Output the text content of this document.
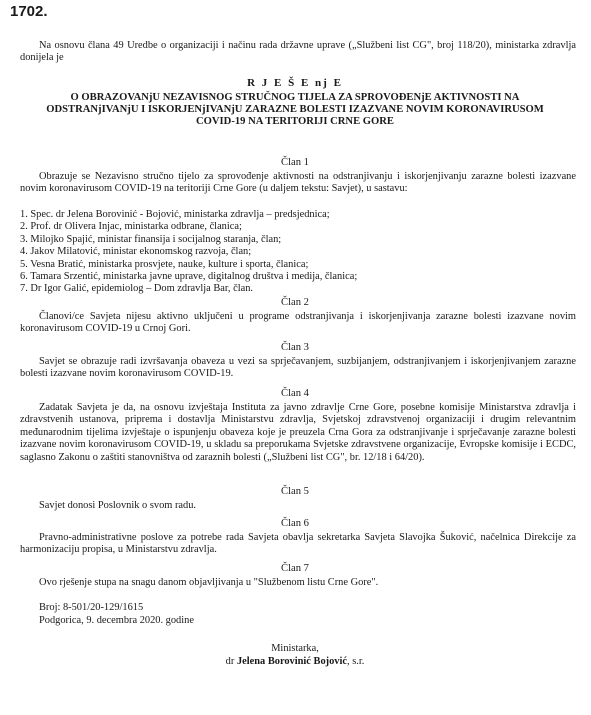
1702.
Na osnovu člana 49 Uredbe o organizaciji i načinu rada državne uprave („Službeni list CG", broj 118/20), ministarka zdravlja donijela je
R J E Š E nj E
O OBRAZOVANjU NEZAVISNOG STRUČNOG TIJELA ZA SPROVOĐENjE AKTIVNOSTI NA ODSTRANjIVANjU I ISKORJENjIVANjU ZARAZNE BOLESTI IZAZVANE NOVIM KORONAVIRUSOM COVID-19 NA TERITORIJI CRNE GORE
Član 1
Obrazuje se Nezavisno stručno tijelo za sprovođenje aktivnosti na odstranjivanju i iskorjenjivanju zarazne bolesti izazvane novim koronavirusom COVID-19 na teritoriji Crne Gore (u daljem tekstu: Savjet), u sastavu:
1. Spec. dr Jelena Borovinić - Bojović, ministarka zdravlja – predsjednica;
2. Prof. dr Olivera Injac, ministarka odbrane, članica;
3. Milojko Spajić, ministar finansija i socijalnog staranja, član;
4. Jakov Milatović, ministar ekonomskog razvoja, član;
5. Vesna Bratić, ministarka prosvjete, nauke, kulture i sporta, članica;
6. Tamara Srzentić, ministarka javne uprave, digitalnog društva i medija, članica;
7. Dr Igor Galić, epidemiolog – Dom zdravlja Bar, član.
Član 2
Članovi/ce Savjeta nijesu aktivno uključeni u programe odstranjivanja i iskorjenjivanja zarazne bolesti izazvane novim koronavirusom COVID-19 u Crnoj Gori.
Član 3
Savjet se obrazuje radi izvršavanja obaveza u vezi sa sprječavanjem, suzbijanjem, odstranjivanjem i iskorjenjivanjem zarazne bolesti izazvane novim koronavirusom COVID-19.
Član 4
Zadatak Savjeta je da, na osnovu izvještaja Instituta za javno zdravlje Crne Gore, posebne komisije Ministarstva zdravlja i zdravstvenih ustanova, pripremа i dostavlja Ministarstvu zdravlja, Svjetskoj zdravstvenoj organizaciji i drugim relevantnim međunarodnim tijelima izvještaje o ispunjenju obaveza koje je preuzela Crna Gora za odstranjivanje i sprječavanje zarazne bolesti izazvane novim koronavirusom COVID-19, u skladu sa preporukama Svjetske zdravstvene organizacije, Evropske komisije i ECDC, saglasno Zakonu o zaštiti stanovništva od zaraznih bolesti („Službeni list CG", br. 12/18 i 64/20).
Član 5
Savjet donosi Poslovnik o svom radu.
Član 6
Pravno-administrativne poslove za potrebe rada Savjeta obavlja sekretarka Savjeta Slavojka Šuković, načelnica Direkcije za harmonizaciju propisa, u Ministarstvu zdravlja.
Član 7
Ovo rješenje stupa na snagu danom objavljivanja u "Službenom listu Crne Gore".
Broj: 8-501/20-129/1615
Podgorica, 9. decembra 2020. godine
Ministarka,
dr Jelena Borovinić Bojović, s.r.
